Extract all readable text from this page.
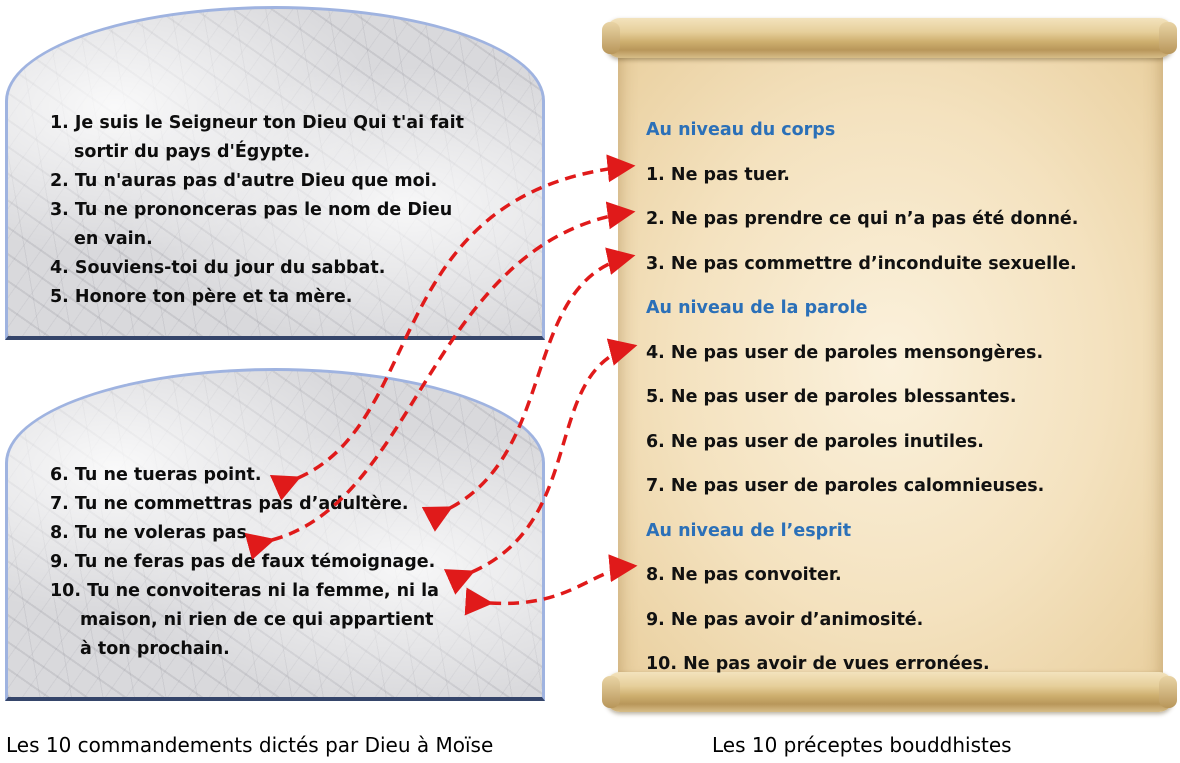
1. Je suis le Seigneur ton Dieu Qui t'ai fait
sortir du pays d'Égypte.
2. Tu n'auras pas d'autre Dieu que moi.
3. Tu ne prononceras pas le nom de Dieu
en vain.
4. Souviens-toi du jour du sabbat.
5. Honore ton père et ta mère.
6. Tu ne tueras point.
7. Tu ne commettras pas d’adultère.
8. Tu ne voleras pas.
9. Tu ne feras pas de faux témoignage.
10. Tu ne convoiteras ni la femme, ni la
maison, ni rien de ce qui appartient
à ton prochain.
Au niveau du corps
1. Ne pas tuer.
2. Ne pas prendre ce qui n’a pas été donné.
3. Ne pas commettre d’inconduite sexuelle.
Au niveau de la parole
4. Ne pas user de paroles mensongères.
5. Ne pas user de paroles blessantes.
6. Ne pas user de paroles inutiles.
7. Ne pas user de paroles calomnieuses.
Au niveau de l’esprit
8. Ne pas convoiter.
9. Ne pas avoir d’animosité.
10. Ne pas avoir de vues erronées.
Les 10 commandements dictés par Dieu à Moïse	Les 10 préceptes bouddhistes
